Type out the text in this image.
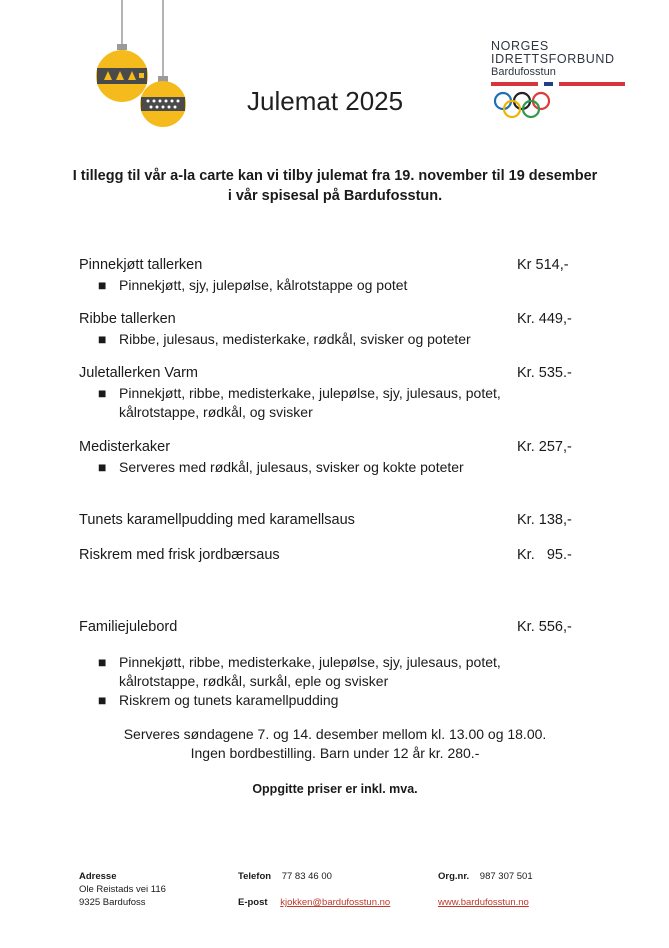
Julemat 2025
NORGES
IDRETTSFORBUND
Bardufosstun
I tillegg til vår a-la carte kan vi tilby julemat fra 19. november til 19 desember i vår spisesal på Bardufosstun.
Pinnekjøtt tallerken	Kr 514,-
■ Pinnekjøtt, sjy, julepølse, kålrotstappe og potet
Ribbe tallerken	Kr. 449,-
■ Ribbe, julesaus, medisterkake, rødkål, svisker og poteter
Juletallerken Varm	Kr. 535.-
■ Pinnekjøtt, ribbe, medisterkake, julepølse, sjy, julesaus, potet, kålrotstappe, rødkål, og svisker
Medisterkaker	Kr. 257,-
■ Serveres med rødkål, julesaus, svisker og kokte poteter
Tunets karamellpudding med karamellsaus	Kr. 138,-
Riskrem med frisk jordbærsaus	Kr.   95.-
Familiejulebord	Kr. 556,-
■ Pinnekjøtt, ribbe, medisterkake, julepølse, sjy, julesaus, potet, kålrotstappe, rødkål, surkål, eple og svisker
■ Riskrem og tunets karamellpudding
Serveres søndagene 7. og 14. desember mellom kl. 13.00 og 18.00.
Ingen bordbestilling. Barn under 12 år kr. 280.-
Oppgitte priser er inkl. mva.
Adresse
Ole Reistads vei 116
9325 Bardufoss
Telefon 77 83 46 00
E-post kjokken@bardufosstun.no
Org.nr. 987 307 501
www.bardufosstun.no
